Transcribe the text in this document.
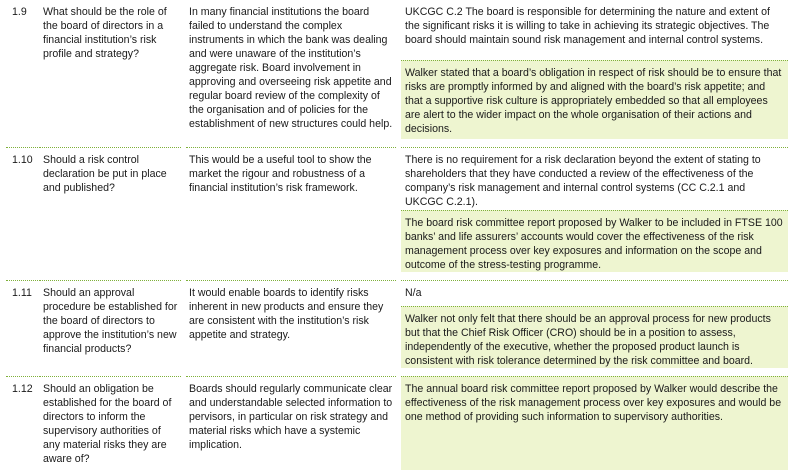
1.9	What should be the role of the board of directors in a financial institution’s risk profile and strategy?
In many financial institutions the board failed to understand the complex instruments in which the bank was dealing and were unaware of the institution’s aggregate risk. Board involvement in approving and overseeing risk appetite and regular board review of the complexity of the organisation and of policies for the establishment of new structures could help.
UKCGC C.2 The board is responsible for determining the nature and extent of the significant risks it is willing to take in achieving its strategic objectives. The board should maintain sound risk management and internal control systems.
Walker stated that a board’s obligation in respect of risk should be to ensure that risks are promptly informed by and aligned with the board’s risk appetite; and that a supportive risk culture is appropriately embedded so that all employees are alert to the wider impact on the whole organisation of their actions and decisions.
1.10 Should a risk control declaration be put in place and published?
This would be a useful tool to show the market the rigour and robustness of a financial institution’s risk framework.
There is no requirement for a risk declaration beyond the extent of stating to shareholders that they have conducted a review of the effectiveness of the company’s risk management and internal control systems (CC C.2.1 and UKCGC C.2.1).
The board risk committee report proposed by Walker to be included in FTSE 100 banks’ and life assurers’ accounts would cover the effectiveness of the risk management process over key exposures and information on the scope and outcome of the stress-testing programme.
1.11	Should an approval procedure be established for the board of directors to approve the institution’s new financial products?
It would enable boards to identify risks inherent in new products and ensure they are consistent with the institution’s risk appetite and strategy.
N/a
Walker not only felt that there should be an approval process for new products but that the Chief Risk Officer (CRO) should be in a position to assess, independently of the executive, whether the proposed product launch is consistent with risk tolerance determined by the risk committee and board.
1.12 Should an obligation be established for the board of directors to inform the supervisory authorities of any material risks they are aware of?
Boards should regularly communicate clear and understandable selected information to pervisors, in particular on risk strategy and material risks which have a systemic implication.
The annual board risk committee report proposed by Walker would describe the effectiveness of the risk management process over key exposures and would be one method of providing such information to supervisory authorities.
